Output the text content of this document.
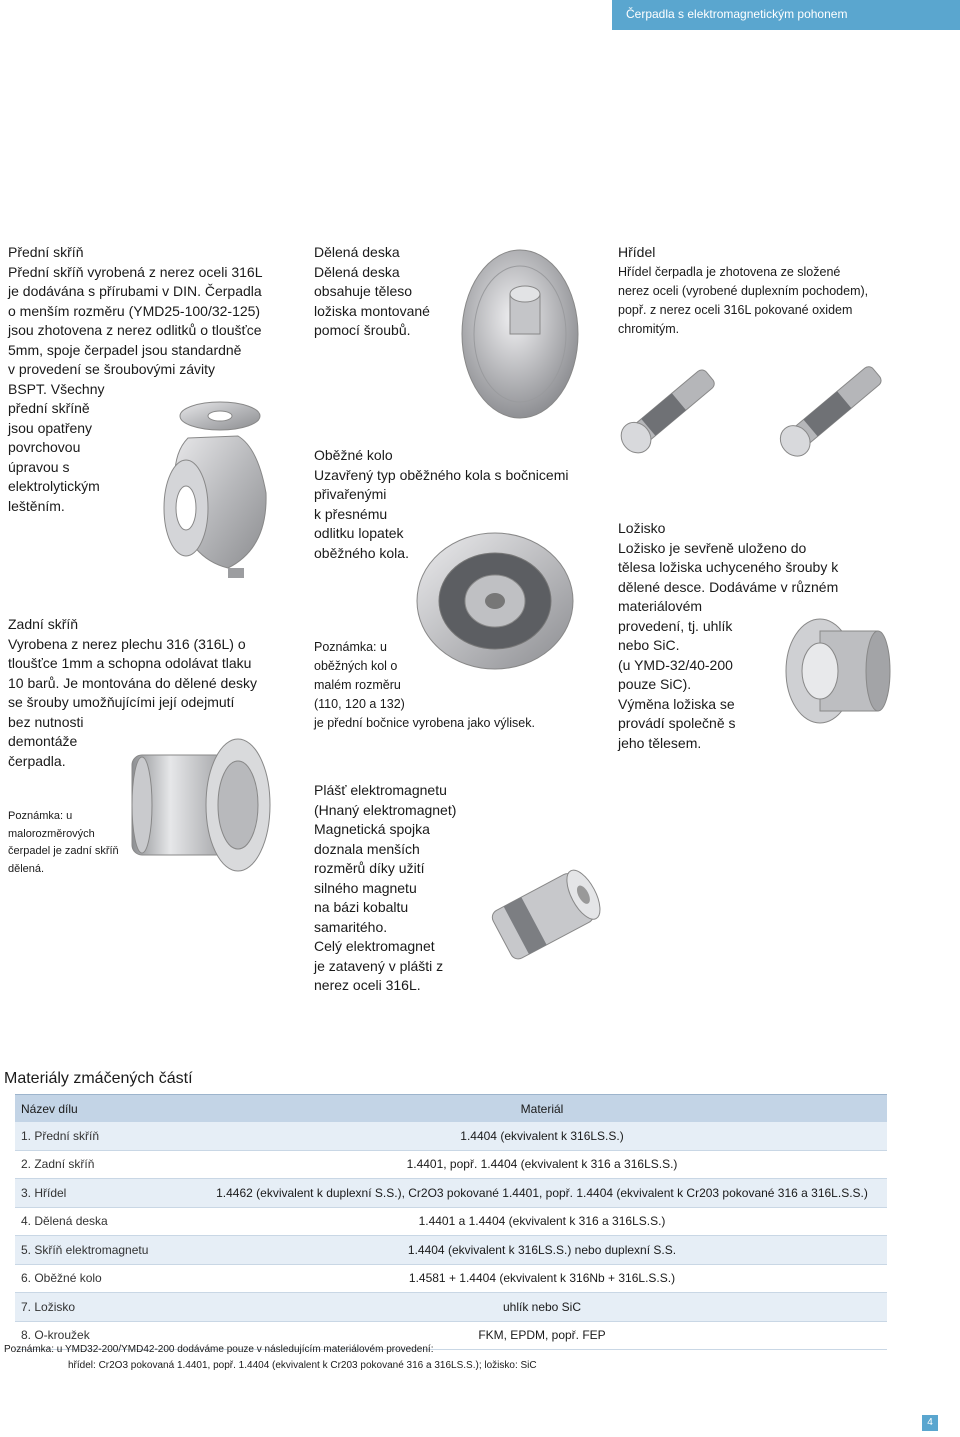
Čerpadla s elektromagnetickým pohonem

Přední skříň

Přední skříň vyrobená z nerez oceli 316L
je dodávána s přírubami v DIN. Čerpadla
o menším rozměru (YMD25-100/32-125)
jsou zhotovena z nerez odlitků o tloušťce
5mm, spoje čerpadel jsou standardně
v provedení se šroubovými závity
BSPT. Všechny
přední skříně
jsou opatřeny
povrchovou
úpravou s
elektrolytickým
leštěním.

Zadní skříň

Vyrobena z nerez plechu 316 (316L) o
tloušťce 1mm a schopna odolávat tlaku
10 barů. Je montována do dělené desky
se šrouby umožňujícími její odejmutí
bez nutnosti
demontáže
čerpadla.
Poznámka: u
malorozměrových
čerpadel je zadní skříň
dělená.

Dělená deska

Dělená deska
obsahuje těleso
ložiska montované
pomocí šroubů.

Oběžné kolo

Uzavřený typ oběžného kola s bočnicemi
přivařenými
k přesnému
odlitku lopatek
oběžného kola.
Poznámka: u
oběžných kol o
malém rozměru
(110, 120 a 132)
je přední bočnice vyrobena jako výlisek.
Plášť elektromagnetu
(Hnaný elektromagnet)
Magnetická spojka
doznala menších
rozměrů díky užití
silného magnetu
na bázi kobaltu
samaritého.
Celý elektromagnet
je zatavený v plášti z
nerez oceli 316L.

Hřídel

Hřídel čerpadla je zhotovena ze složené
nerez oceli (vyrobené duplexním pochodem),
popř. z nerez oceli 316L pokované oxidem
chromitým.

Ložisko

Ložisko je sevřeně uloženo do
tělesa ložiska uchyceného šrouby k
dělené desce. Dodáváme v různém
materiálovém
provedení, tj. uhlík
nebo SiC.
(u YMD-32/40-200
pouze SiC).
Výměna ložiska se
provádí společně s
jeho tělesem.
Materiály zmáčených částí
Název dílu	Materiál
1. Přední skříň	1.4404 (ekvivalent k 316LS.S.)
2. Zadní skříň	1.4401, popř. 1.4404 (ekvivalent k 316 a 316LS.S.)
3. Hřídel	1.4462 (ekvivalent k duplexní S.S.), Cr2O3 pokované 1.4401, popř. 1.4404 (ekvivalent k Cr203 pokované 316 a 316L.S.S.)
4. Dělená deska	1.4401 a 1.4404 (ekvivalent k 316 a 316LS.S.)
5. Skříň elektromagnetu	1.4404 (ekvivalent k 316LS.S.) nebo duplexní S.S.
6. Oběžné kolo	1.4581 + 1.4404 (ekvivalent k 316Nb + 316L.S.S.)
7. Ložisko	uhlík nebo SiC
8. O-kroužek	FKM, EPDM, popř. FEP
Poznámka: u YMD32-200/YMD42-200 dodáváme pouze v následujícím materiálovém provedení:
hřídel: Cr2O3 pokovaná 1.4401, popř. 1.4404 (ekvivalent k Cr203 pokované 316 a 316LS.S.); ložisko: SiC
4
